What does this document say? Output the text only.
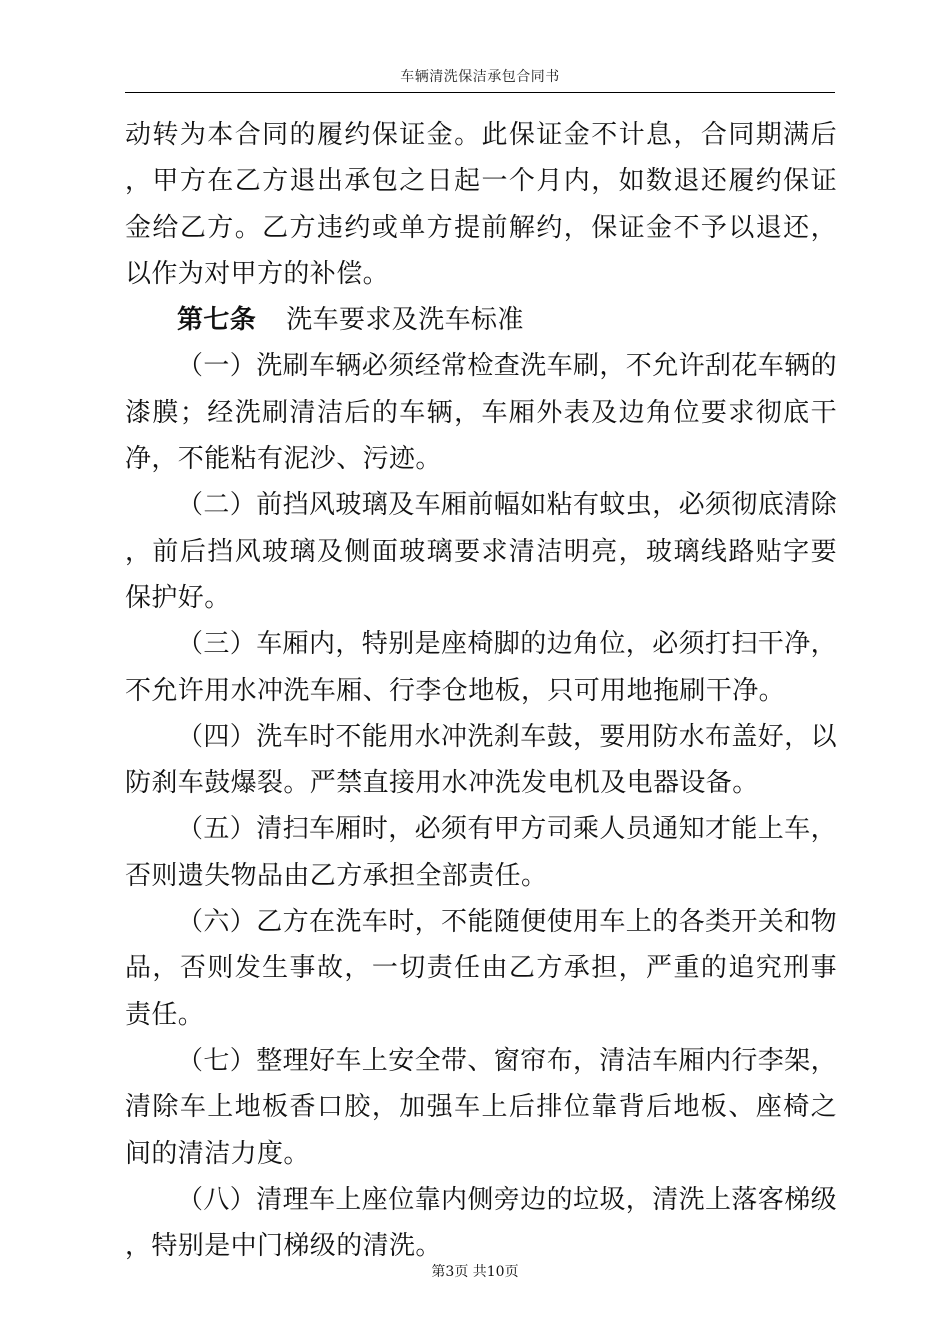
车辆清洗保洁承包合同书

动转为本合同的履约保证金。此保证金不计息，合同期满后，甲方在乙方退出承包之日起一个月内，如数退还履约保证金给乙方。乙方违约或单方提前解约，保证金不予以退还，以作为对甲方的补偿。

第七条 洗车要求及洗车标准

（一）洗刷车辆必须经常检查洗车刷，不允许刮花车辆的漆膜；经洗刷清洁后的车辆，车厢外表及边角位要求彻底干净，不能粘有泥沙、污迹。

（二）前挡风玻璃及车厢前幅如粘有蚊虫，必须彻底清除，前后挡风玻璃及侧面玻璃要求清洁明亮，玻璃线路贴字要保护好。

（三）车厢内，特别是座椅脚的边角位，必须打扫干净，不允许用水冲洗车厢、行李仓地板，只可用地拖刷干净。

（四）洗车时不能用水冲洗刹车鼓，要用防水布盖好，以防刹车鼓爆裂。严禁直接用水冲洗发电机及电器设备。

（五）清扫车厢时，必须有甲方司乘人员通知才能上车，否则遗失物品由乙方承担全部责任。

（六）乙方在洗车时，不能随便使用车上的各类开关和物品，否则发生事故，一切责任由乙方承担，严重的追究刑事责任。

（七）整理好车上安全带、窗帘布，清洁车厢内行李架，清除车上地板香口胶，加强车上后排位靠背后地板、座椅之间的清洁力度。

（八）清理车上座位靠内侧旁边的垃圾，清洗上落客梯级，特别是中门梯级的清洗。

第3页 共10页
